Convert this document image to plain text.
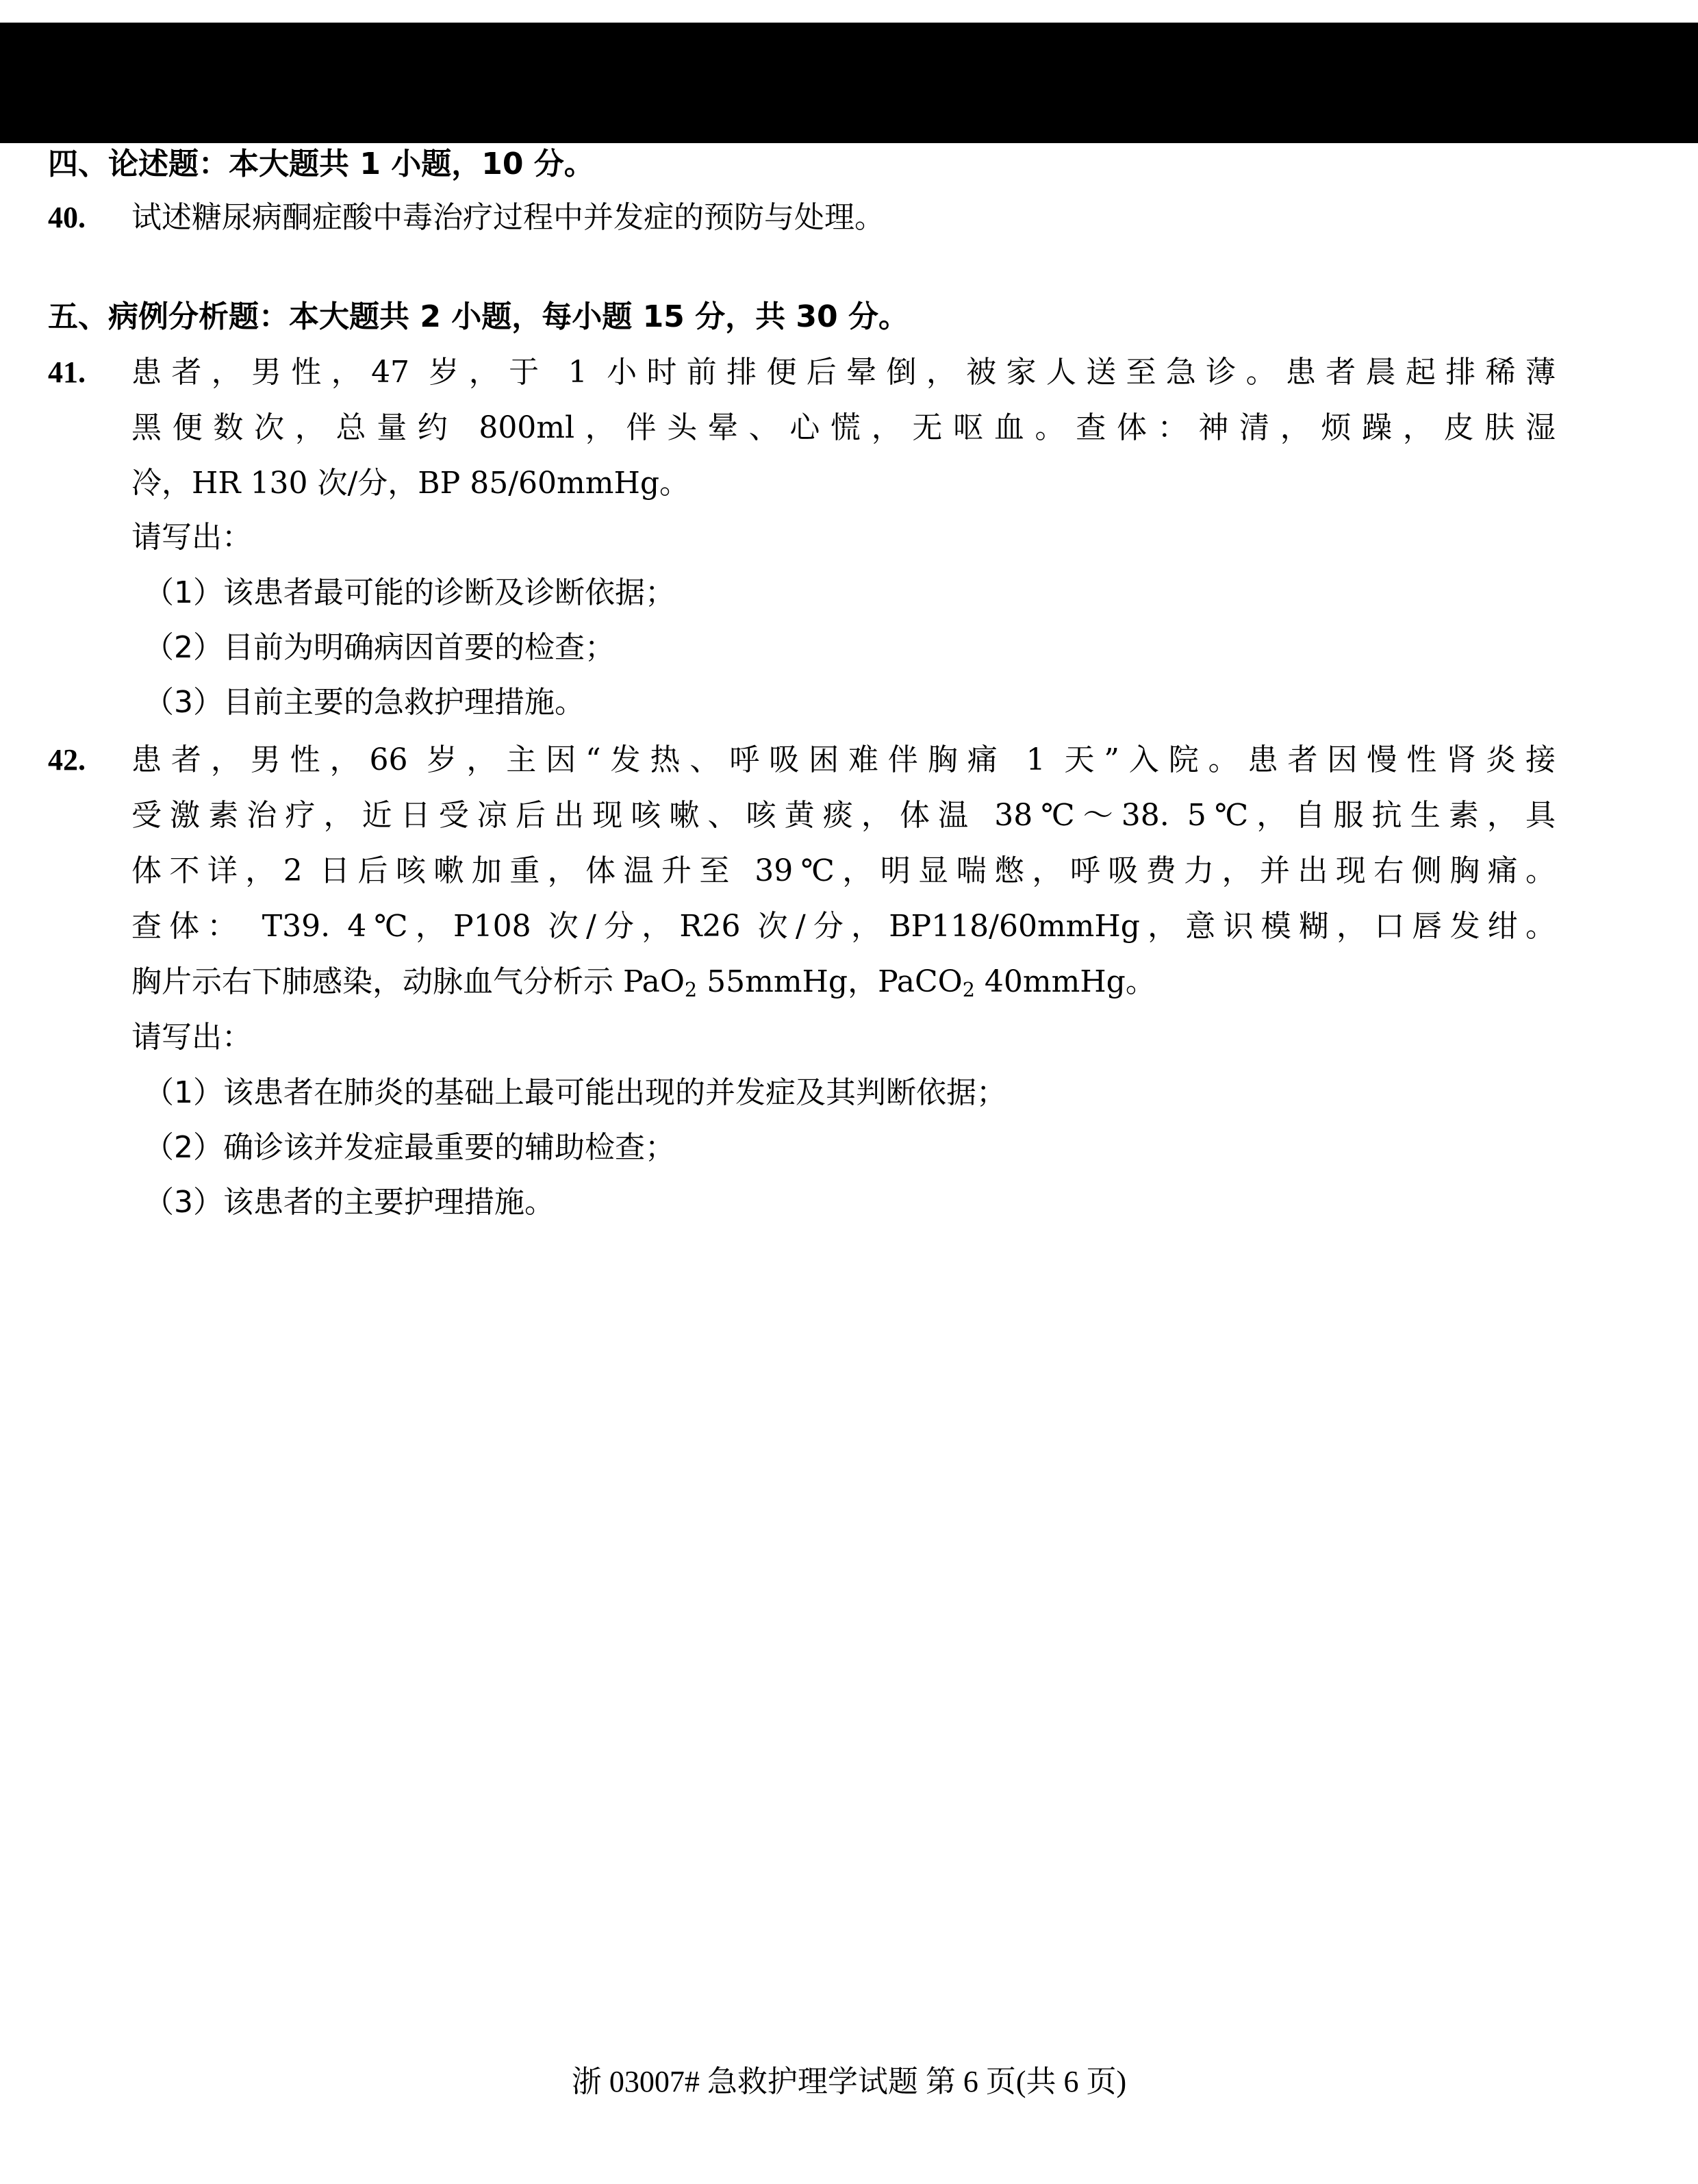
四、论述题：本大题共 1 小题，10 分。
40. 试述糖尿病酮症酸中毒治疗过程中并发症的预防与处理。
五、病例分析题：本大题共 2 小题，每小题 15 分，共 30 分。
41. 患者，男性，47 岁，于 1 小时前排便后晕倒，被家人送至急诊。患者晨起排稀薄
黑便数次，总量约 800ml，伴头晕、心慌，无呕血。查体：神清，烦躁，皮肤湿
冷，HR 130 次/分，BP 85/60mmHg。
请写出：
（1）该患者最可能的诊断及诊断依据；
（2）目前为明确病因首要的检查；
（3）目前主要的急救护理措施。
42. 患者，男性，66 岁，主因“发热、呼吸困难伴胸痛 1 天”入院。患者因慢性肾炎接
受激素治疗，近日受凉后出现咳嗽、咳黄痰，体温 38℃～38. 5℃，自服抗生素，具
体不详，2 日后咳嗽加重，体温升至 39℃，明显喘憋，呼吸费力，并出现右侧胸痛。
查体： T39. 4℃，P108 次/分，R26 次/分，BP118/60mmHg，意识模糊，口唇发绀。
胸片示右下肺感染，动脉血气分析示 PaO$_2$ 55mmHg，PaCO$_2$ 40mmHg。
请写出：
（1）该患者在肺炎的基础上最可能出现的并发症及其判断依据；
（2）确诊该并发症最重要的辅助检查；
（3）该患者的主要护理措施。
浙 03007# 急救护理学试题 第 6 页(共 6 页)
